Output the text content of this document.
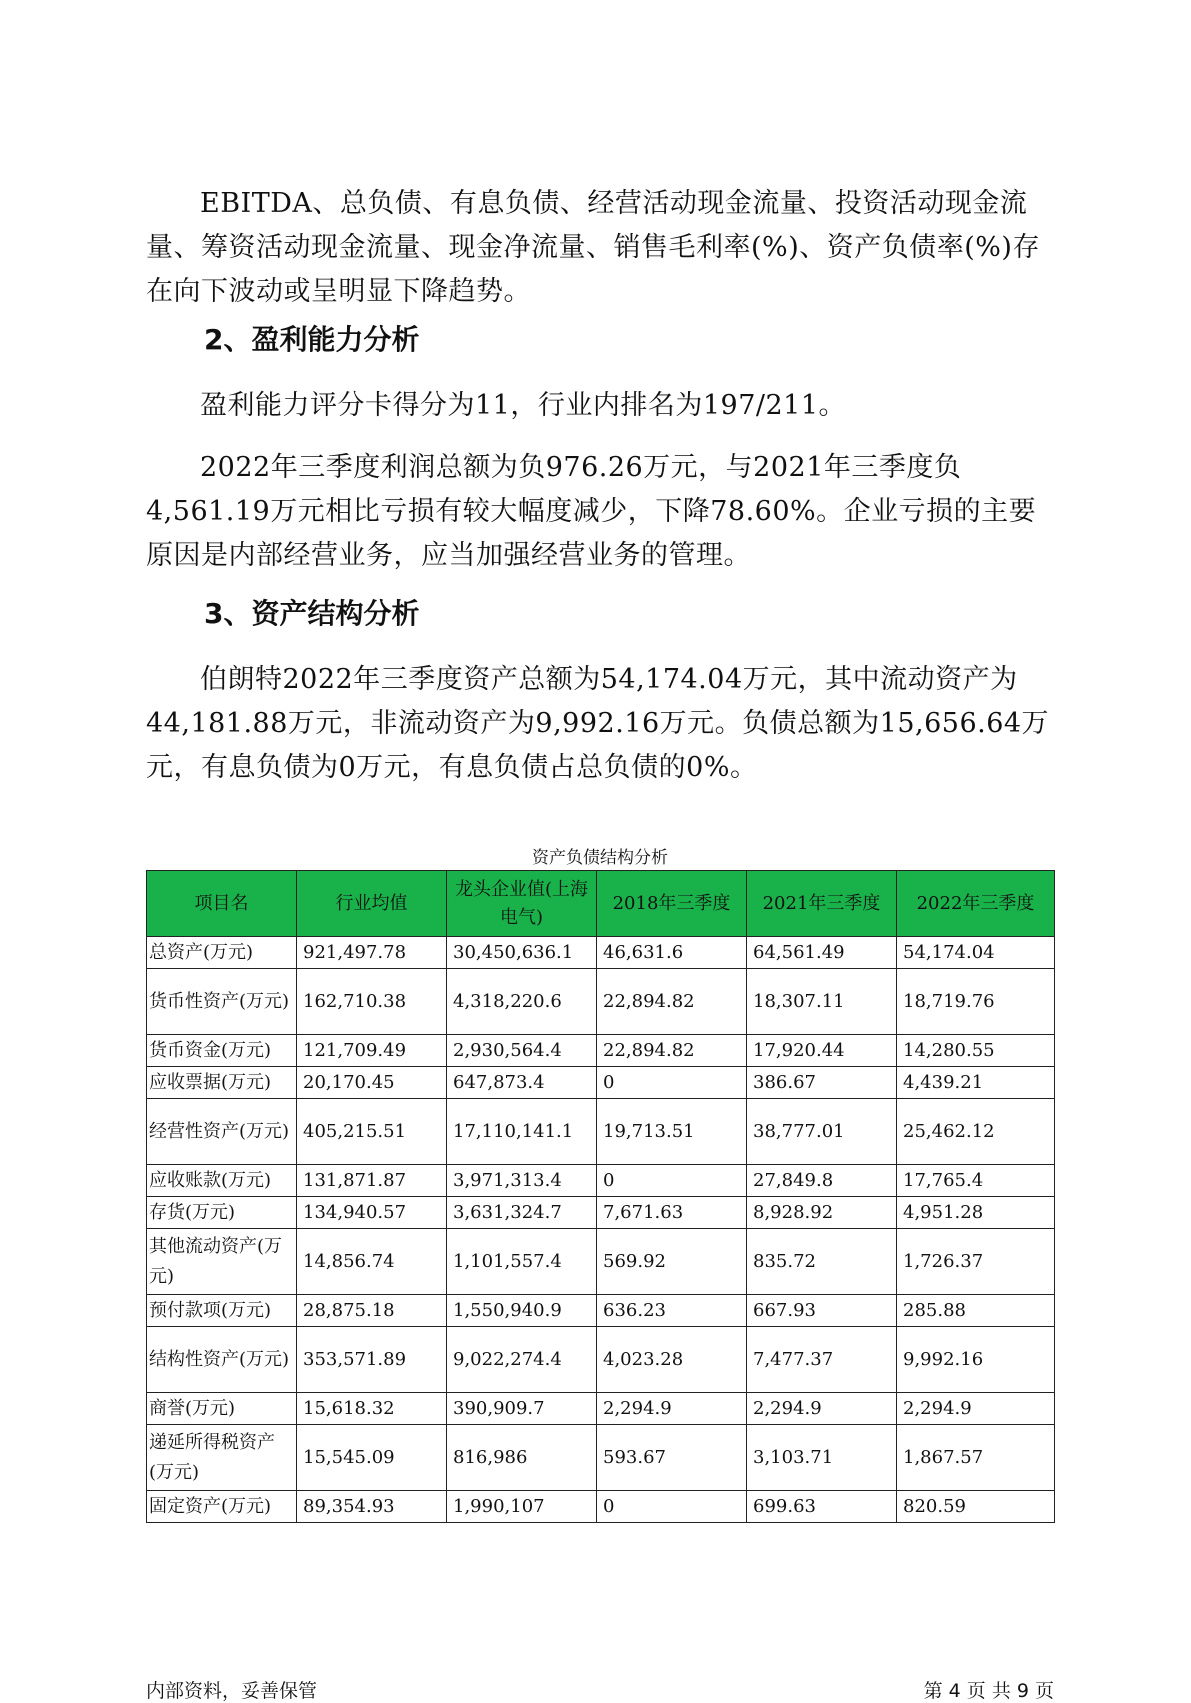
EBITDA、总负债、有息负债、经营活动现金流量、投资活动现金流量、筹资活动现金流量、现金净流量、销售毛利率(%)、资产负债率(%)存在向下波动或呈明显下降趋势。
2、盈利能力分析
盈利能力评分卡得分为11，行业内排名为197/211。
2022年三季度利润总额为负976.26万元，与2021年三季度负4,561.19万元相比亏损有较大幅度减少，下降78.60%。企业亏损的主要原因是内部经营业务，应当加强经营业务的管理。
3、资产结构分析
伯朗特2022年三季度资产总额为54,174.04万元，其中流动资产为44,181.88万元，非流动资产为9,992.16万元。负债总额为15,656.64万元，有息负债为0万元，有息负债占总负债的0%。
资产负债结构分析
项目名	行业均值	龙头企业值(上海电气)	2018年三季度	2021年三季度	2022年三季度
总资产(万元)	921,497.78	30,450,636.1	46,631.6	64,561.49	54,174.04
货币性资产(万元)	162,710.38	4,318,220.6	22,894.82	18,307.11	18,719.76
货币资金(万元)	121,709.49	2,930,564.4	22,894.82	17,920.44	14,280.55
应收票据(万元)	20,170.45	647,873.4	0	386.67	4,439.21
经营性资产(万元)	405,215.51	17,110,141.1	19,713.51	38,777.01	25,462.12
应收账款(万元)	131,871.87	3,971,313.4	0	27,849.8	17,765.4
存货(万元)	134,940.57	3,631,324.7	7,671.63	8,928.92	4,951.28
其他流动资产(万元)	14,856.74	1,101,557.4	569.92	835.72	1,726.37
预付款项(万元)	28,875.18	1,550,940.9	636.23	667.93	285.88
结构性资产(万元)	353,571.89	9,022,274.4	4,023.28	7,477.37	9,992.16
商誉(万元)	15,618.32	390,909.7	2,294.9	2,294.9	2,294.9
递延所得税资产(万元)	15,545.09	816,986	593.67	3,103.71	1,867.57
固定资产(万元)	89,354.93	1,990,107	0	699.63	820.59
内部资料，妥善保管	第 4 页 共 9 页
